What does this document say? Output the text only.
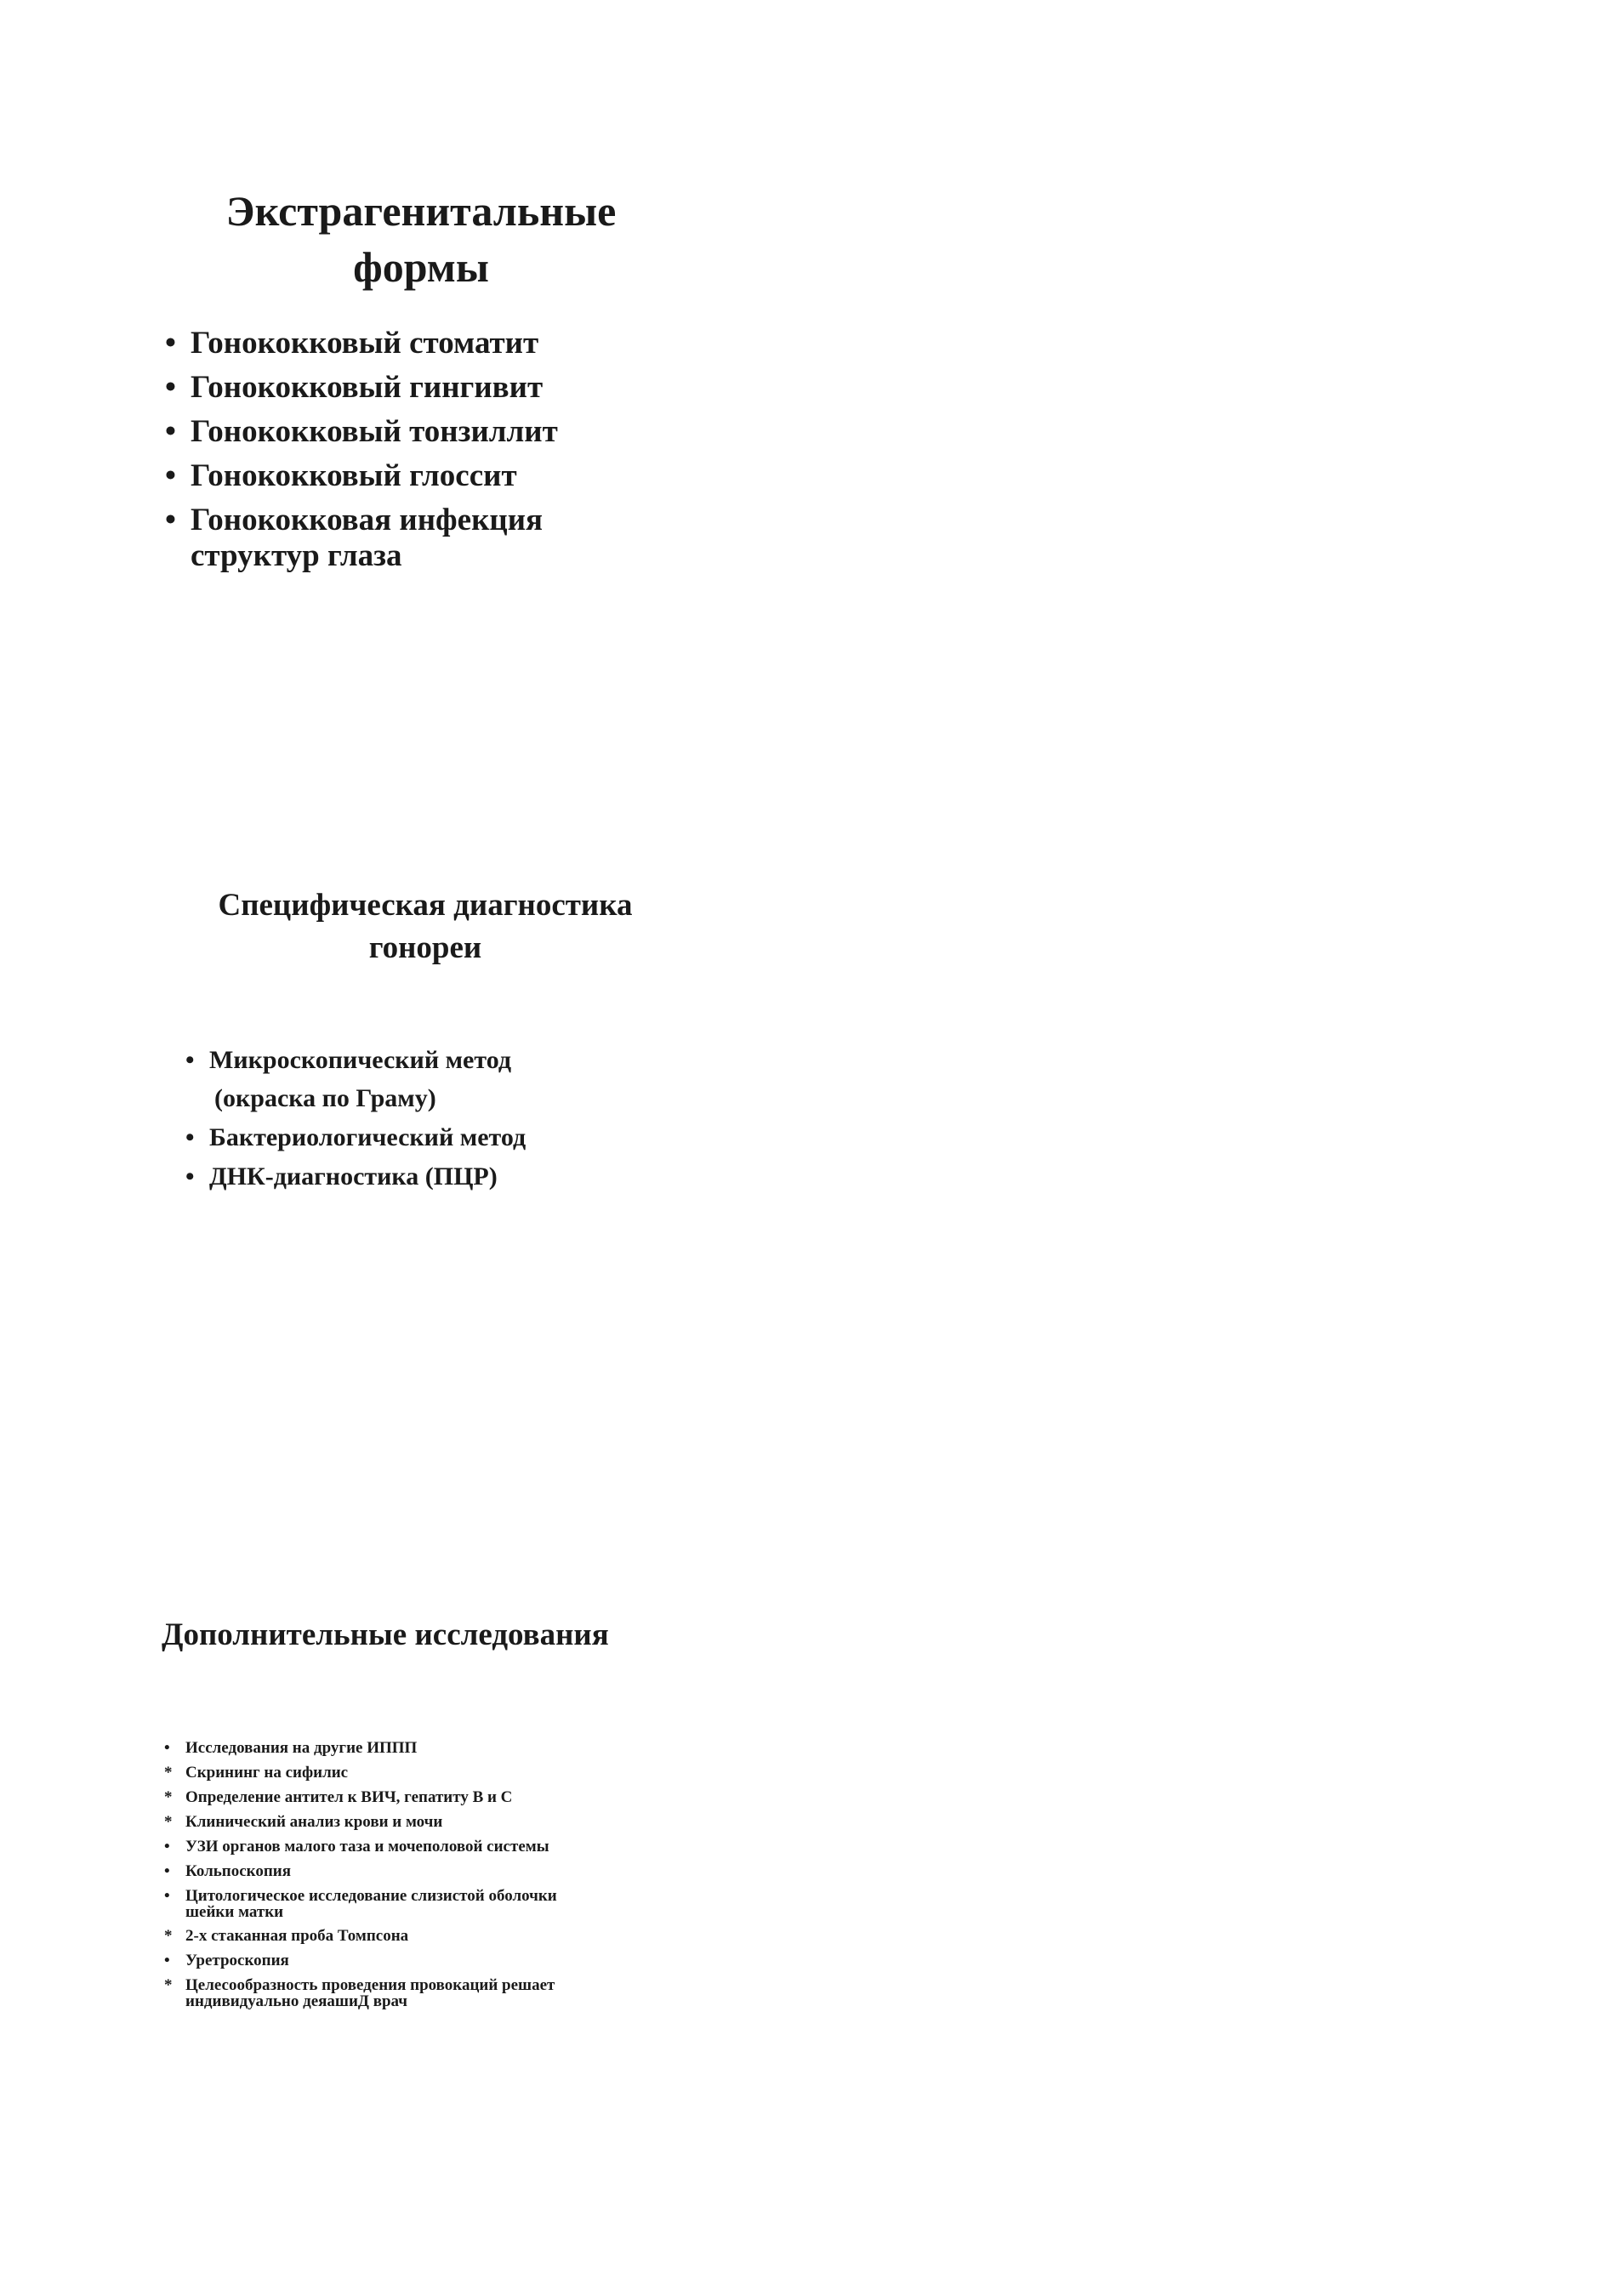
Экстрагенитальные
формы
• Гонококковый стоматит
• Гонококковый гингивит
• Гонококковый тонзиллит
• Гонококковый глоссит
• Гонококковая инфекция
структур глаза
Специфическая диагностика
гонореи
• Микроскопический метод
(окраска по Граму)
• Бактериологический метод
• ДНК-диагностика (ПЦР)
Дополнительные исследования
• Исследования на другие ИППП
* Скрининг на сифилис
* Определение антител к ВИЧ, гепатиту В и С
* Клинический анализ крови и мочи
• УЗИ органов малого таза и мочеполовой системы
• Кольпоскопия
• Цитологическое исследование слизистой оболочки
шейки матки
* 2-х стаканная проба Томпсона
• Уретроскопия
* Целесообразность проведения провокаций решает
индивидуально деяашиД врач
